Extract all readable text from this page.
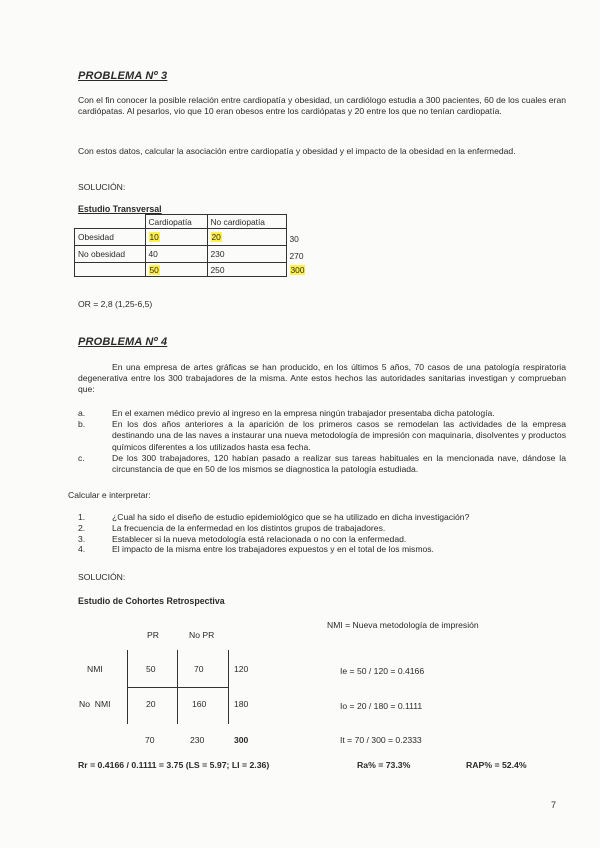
PROBLEMA Nº 3
Con el fin conocer la posible relación entre cardiopatía y obesidad, un cardiólogo estudia a 300 pacientes, 60 de los cuales eran cardiópatas. Al pesarlos, vio que 10 eran obesos entre los cardiópatas y 20 entre los que no tenían cardiopatía.
Con estos datos, calcular la asociación entre cardiopatía y obesidad y el impacto de la obesidad en la enfermedad.
SOLUCIÓN:
Estudio Transversal
	Cardiopatía	No cardiopatía	
Obesidad	10	20	30
No obesidad	40	230	270
	50	250	300
OR = 2,8 (1,25-6,5)
PROBLEMA Nº 4
En una empresa de artes gráficas se han producido, en los últimos 5 años, 70 casos de una patología respiratoria degenerativa entre los 300 trabajadores de la misma. Ante estos hechos las autoridades sanitarias investigan y comprueban que:
a.	En el examen médico previo al ingreso en la empresa ningún trabajador presentaba dicha patología.
b.	En los dos años anteriores a la aparición de los primeros casos se remodelan las actividades de la empresa destinando una de las naves a instaurar una nueva metodología de impresión con maquinaria, disolventes y productos químicos diferentes a los utilizados hasta esa fecha.
c.	De los 300 trabajadores, 120 habían pasado a realizar sus tareas habituales en la mencionada nave, dándose la circunstancia de que en 50 de los mismos se diagnostica la patología estudiada.
Calcular e interpretar:
1.	¿Cual ha sido el diseño de estudio epidemiológico que se ha utilizado en dicha investigación?
2.	La frecuencia de la enfermedad en los distintos grupos de trabajadores.
3.	Establecer si la nueva metodología está relacionada o no con la enfermedad.
4.	El impacto de la misma entre los trabajadores expuestos y en el total de los mismos.
SOLUCIÓN:
Estudio de Cohortes Retrospectiva
NMI = Nueva metodología de impresión
PR	No PR
NMI	50	70	120
No  NMI	20	160	180
70	230	300
Ie = 50 / 120 = 0.4166
Io = 20 / 180 = 0.1111
It = 70 / 300 = 0.2333
Rr = 0.4166 / 0.1111 = 3.75 (LS = 5.97; LI = 2.36)	Ra% = 73.3%	RAP% = 52.4%
7
